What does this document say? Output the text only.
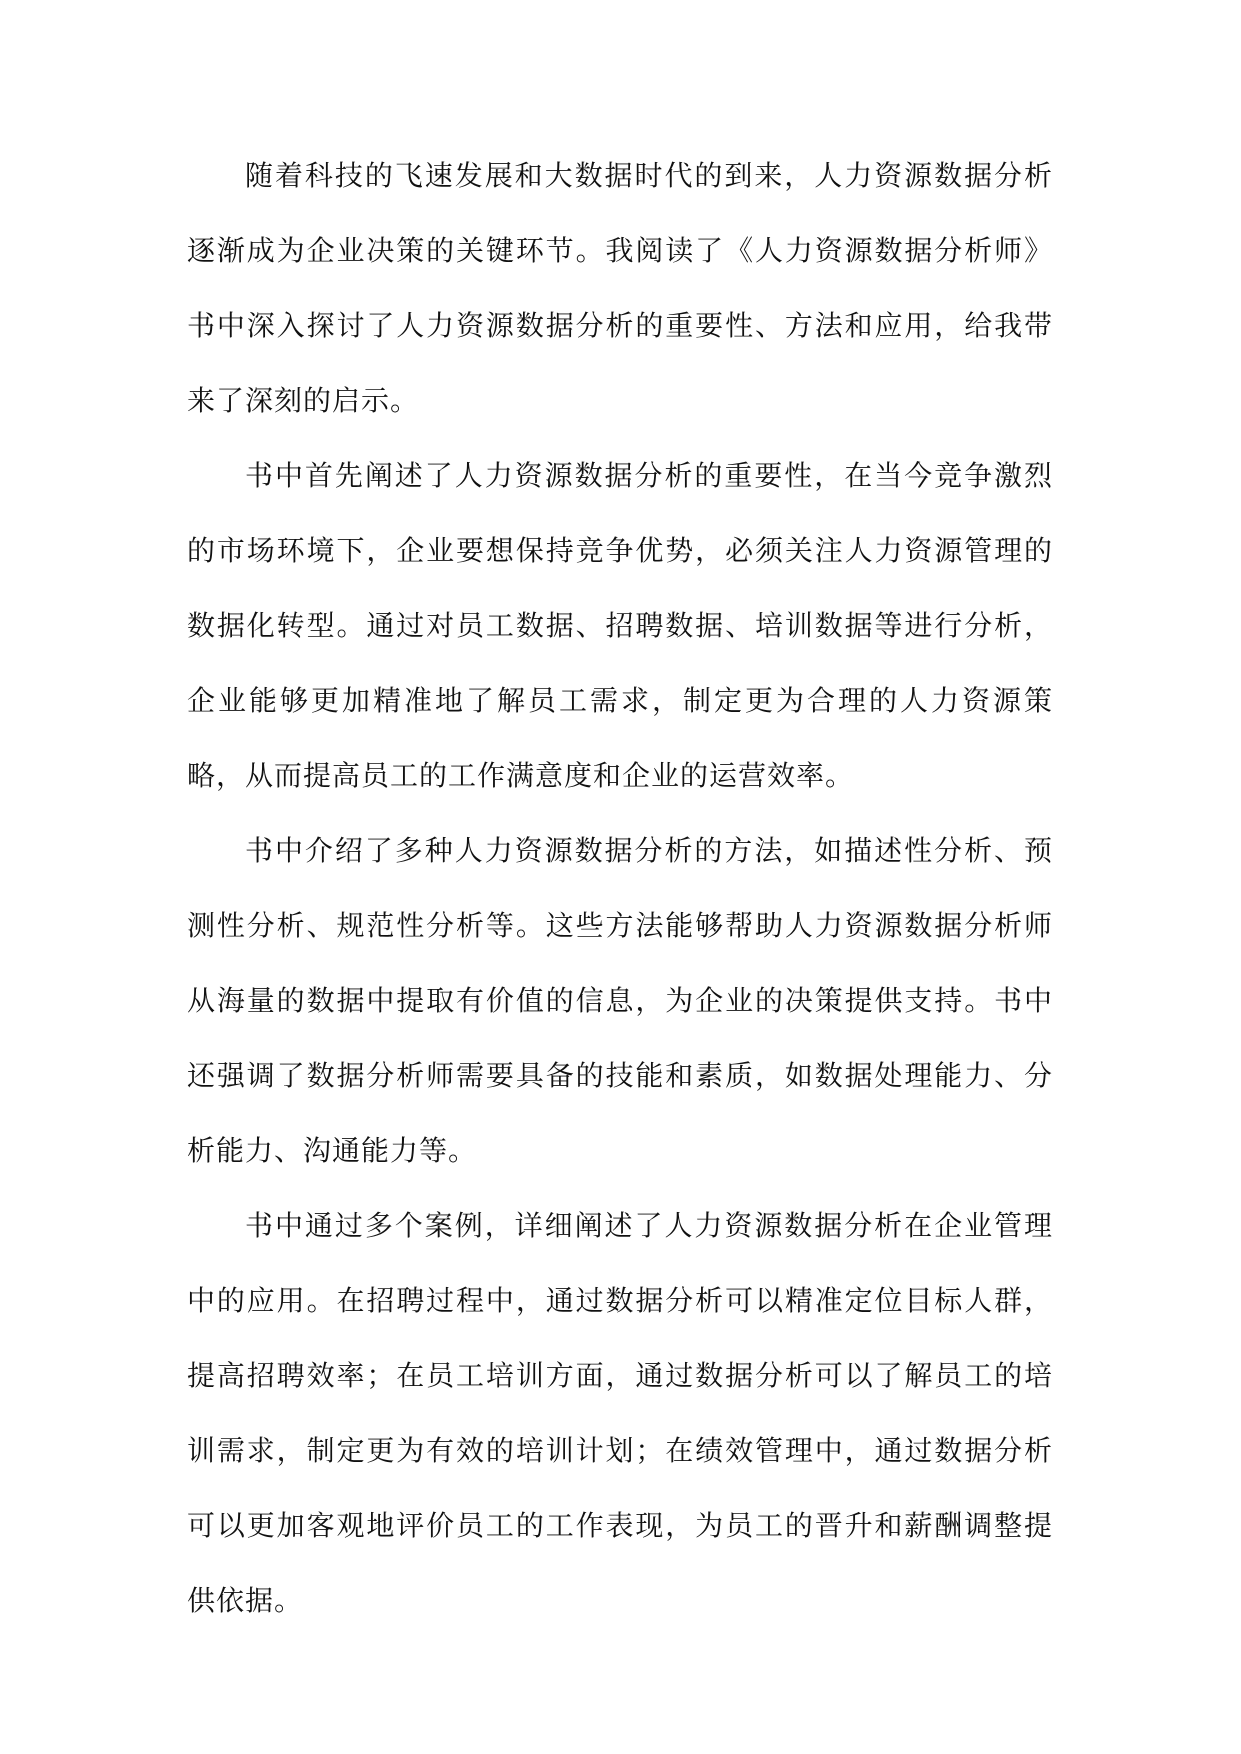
随着科技的飞速发展和大数据时代的到来，人力资源数据分析逐渐成为企业决策的关键环节。我阅读了《人力资源数据分析师》书中深入探讨了人力资源数据分析的重要性、方法和应用，给我带来了深刻的启示。

书中首先阐述了人力资源数据分析的重要性，在当今竞争激烈的市场环境下，企业要想保持竞争优势，必须关注人力资源管理的数据化转型。通过对员工数据、招聘数据、培训数据等进行分析，企业能够更加精准地了解员工需求，制定更为合理的人力资源策略，从而提高员工的工作满意度和企业的运营效率。

书中介绍了多种人力资源数据分析的方法，如描述性分析、预测性分析、规范性分析等。这些方法能够帮助人力资源数据分析师从海量的数据中提取有价值的信息，为企业的决策提供支持。书中还强调了数据分析师需要具备的技能和素质，如数据处理能力、分析能力、沟通能力等。

书中通过多个案例，详细阐述了人力资源数据分析在企业管理中的应用。在招聘过程中，通过数据分析可以精准定位目标人群，提高招聘效率；在员工培训方面，通过数据分析可以了解员工的培训需求，制定更为有效的培训计划；在绩效管理中，通过数据分析可以更加客观地评价员工的工作表现，为员工的晋升和薪酬调整提供依据。
